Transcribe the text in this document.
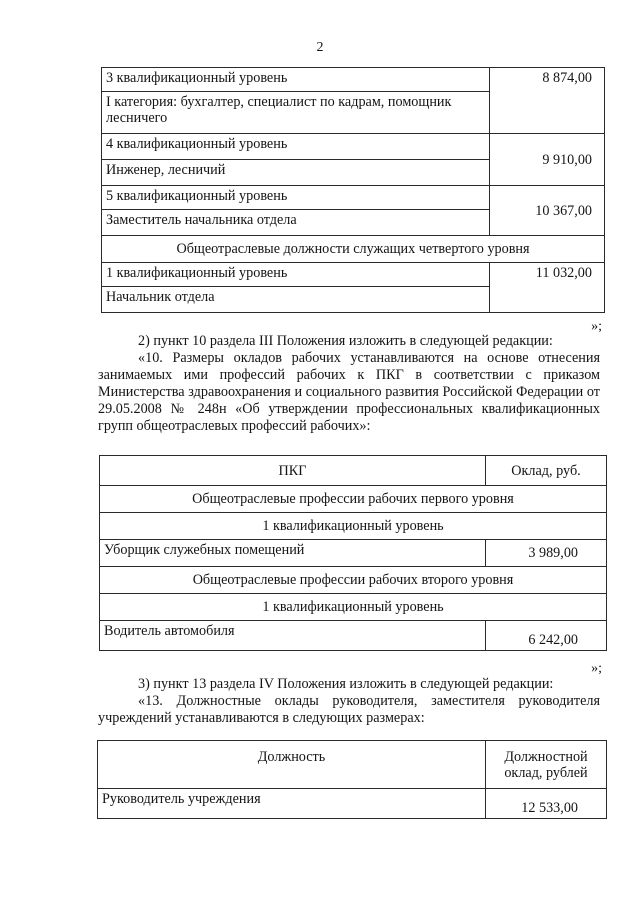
2
3 квалификационный уровень	8 874,00
I категория: бухгалтер, специалист по кадрам, помощник лесничего	
4 квалификационный уровень	9 910,00
Инженер, лесничий	
5 квалификационный уровень	10 367,00
Заместитель начальника отдела	
Общеотраслевые должности служащих четвертого уровня	
1 квалификационный уровень	11 032,00
Начальник отдела	
»;
2) пункт 10 раздела III Положения изложить в следующей редакции:
«10. Размеры окладов рабочих устанавливаются на основе отнесения занимаемых ими профессий рабочих к ПКГ в соответствии с приказом Министерства здравоохранения и социального развития Российской Федерации от 29.05.2008 № 248н «Об утверждении профессиональных квалификационных групп общеотраслевых профессий рабочих»:
ПКГ	Оклад, руб.
Общеотраслевые профессии рабочих первого уровня	
1 квалификационный уровень	
Уборщик служебных помещений	3 989,00
Общеотраслевые профессии рабочих второго уровня	
1 квалификационный уровень	
Водитель автомобиля	6 242,00
»;
3) пункт 13 раздела IV Положения изложить в следующей редакции:
«13. Должностные оклады руководителя, заместителя руководителя учреждений устанавливаются в следующих размерах:
Должность	Должностной оклад, рублей
Руководитель учреждения	12 533,00
